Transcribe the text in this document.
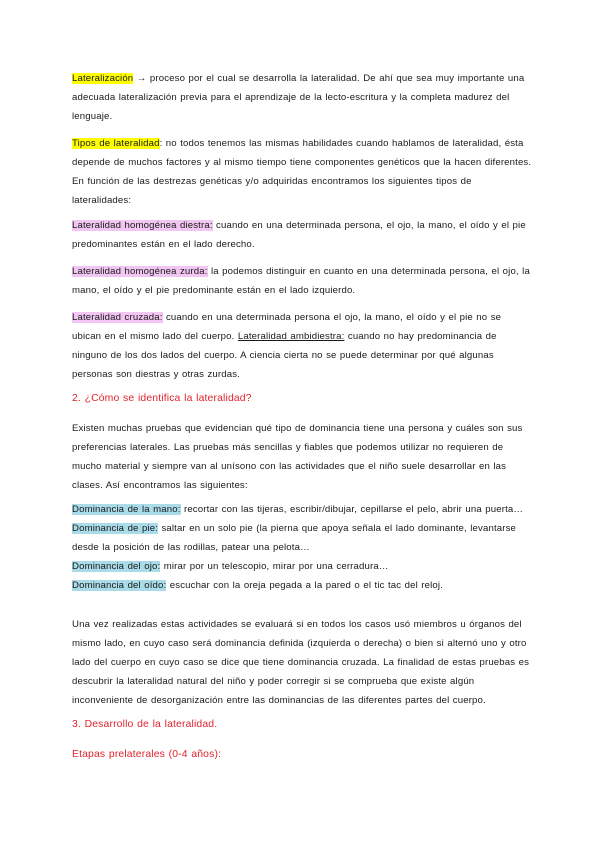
Lateralización → proceso por el cual se desarrolla la lateralidad. De ahí que sea muy importante una adecuada lateralización previa para el aprendizaje de la lecto-escritura y la completa madurez del lenguaje.

Tipos de lateralidad: no todos tenemos las mismas habilidades cuando hablamos de lateralidad, ésta depende de muchos factores y al mismo tiempo tiene componentes genéticos que la hacen diferentes. En función de las destrezas genéticas y/o adquiridas encontramos los siguientes tipos de lateralidades:

Lateralidad homogénea diestra: cuando en una determinada persona, el ojo, la mano, el oído y el pie predominantes están en el lado derecho.

Lateralidad homogénea zurda: la podemos distinguir en cuanto en una determinada persona, el ojo, la mano, el oído y el pie predominante están en el lado izquierdo.

Lateralidad cruzada: cuando en una determinada persona el ojo, la mano, el oído y el pie no se ubican en el mismo lado del cuerpo. Lateralidad ambidiestra: cuando no hay predominancia de ninguno de los dos lados del cuerpo. A ciencia cierta no se puede determinar por qué algunas personas son diestras y otras zurdas.

2. ¿Cómo se identifica la lateralidad?

Existen muchas pruebas que evidencian qué tipo de dominancia tiene una persona y cuáles son sus preferencias laterales. Las pruebas más sencillas y fiables que podemos utilizar no requieren de mucho material y siempre van al unísono con las actividades que el niño suele desarrollar en las clases. Así encontramos las siguientes:

Dominancia de la mano: recortar con las tijeras, escribir/dibujar, cepillarse el pelo, abrir una puerta…

Dominancia de pie: saltar en un solo pie (la pierna que apoya señala el lado dominante, levantarse desde la posición de las rodillas, patear una pelota…

Dominancia del ojo: mirar por un telescopio, mirar por una cerradura…

Dominancia del oído: escuchar con la oreja pegada a la pared o el tic tac del reloj.

Una vez realizadas estas actividades se evaluará si en todos los casos usó miembros u órganos del mismo lado, en cuyo caso será dominancia definida (izquierda o derecha) o bien si alternó uno y otro lado del cuerpo en cuyo caso se dice que tiene dominancia cruzada. La finalidad de estas pruebas es descubrir la lateralidad natural del niño y poder corregir si se comprueba que existe algún inconveniente de desorganización entre las dominancias de las diferentes partes del cuerpo.

3. Desarrollo de la lateralidad.

Etapas prelaterales (0-4 años):
